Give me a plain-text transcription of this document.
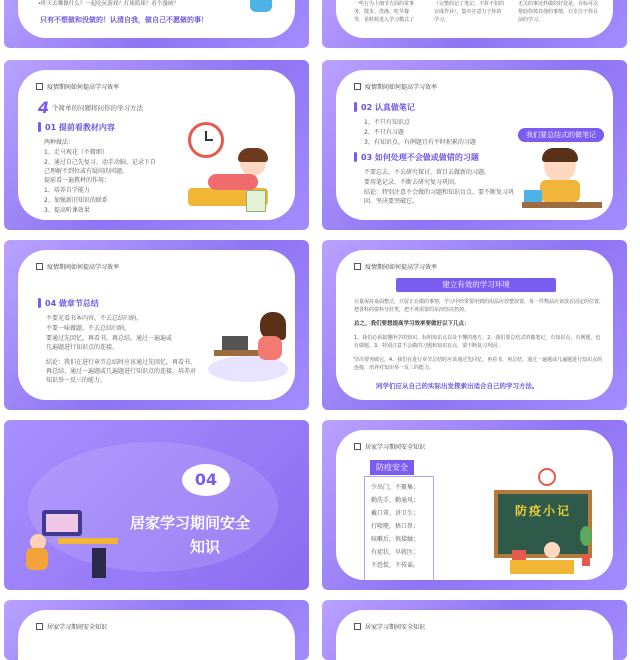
•昨天去哪做什么？一起吃玩游戏？打球篮球？看个漫画？
只有不想做和没做的！认清自我，做自己不愿做的事！
一些行为上细节方面的常事务，散步、洗澡、吃早餐等，是时候进入学习模式了
（完整的记了笔记、不折不扣的完成作业），集中注意力于你的学习。
无关的事这样做的好处是，目标可以帮助你掉其他的事情，只专注于你目前的学习。
疫情期间如何提高学习效率
4 个简单的问题将问你的学习方法
01 提前看教材内容
两种做法：
1、走马观花（不微细）
2、通过自己先复习、动手动脑、记录下自己理解不到位或有疑问的问题。
提前看一遍教材的作用：
1、培养自学能力
2、加强新旧知识的联系
3、提高听课效果
疫情期间如何提高学习效率
02 认真做笔记
1、不只有知识点
2、不只有习题
3、有知识点、有例题且有平时积累的习题
03 如何处理不会做或做错的习题
不要忘去，不去研究探讨，留目去做新的习题。
要用笔记录，不断去研究复习巩固。
结论：特别注意不会做的习题和知识盲点，要不断复习巩固、坚决要突破它。
我们要总结式的做笔记
疫情期间如何提高学习效率
04 做章节总结
不要光看书本内容，不去总结归纳。
不要一味做题，不去总结归纳。
要通过先回忆，再看书，再总结，通过一遍遍或几遍题进行知识点的连接。
结论：我们在进行章节总结时应该通过先回忆，再看书、再总结、通过一遍题或几遍题进行知识点的连接，培养对知识举一反三的能力。
疫情期间如何提高学习效率
建立有效的学习环境
尽量保持桌面整洁，只留正在做的事情，学习中经常要用到的用品应放整放置，每一件物品应该放在固定的位置，把各科的资料分好类，把不再需要的东西坚决扔掉。
总之，我们要想提高学习效率要做好以下几点：
1、我们必须搞懂所学的知识，标明知识点以及不懂的地方，2、我们要总结式的做笔记，有知识点，有例题，也有做题。3、特别注意不会做的习题和知识盲点，要不断复习巩固。
坚决要突破它，4、我们在进行章节总结时应该通过先回忆，再看书、再总结，通过一遍题或几遍题进行知识点的连接，培养对知识举一反三的能力。
同学们应从自己的实际出发探索出适合自己的学习方法。
04
居家学习期间安全
知识
居家学习期间安全知识
防疫安全
少出门，不聚集；
勤洗手，勤通风；
戴口罩，讲卫生；
打喷嚏，捂口鼻；
咳嗽后，慎接触；
有症状，早就医；
不恐慌，不传谣。
防疫小记
居家学习期间安全知识	居家学习期间安全知识
